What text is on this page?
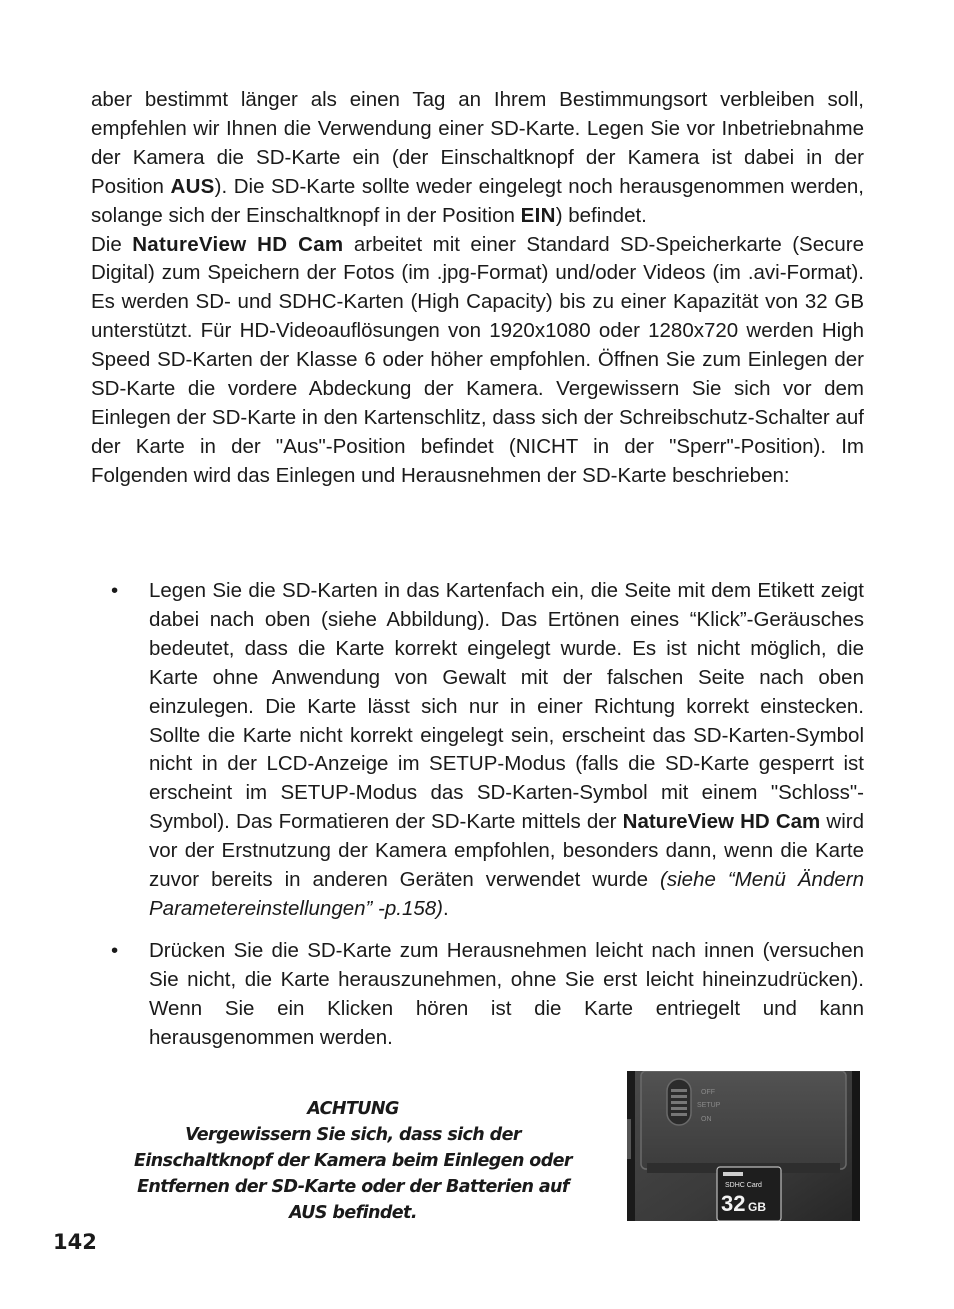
aber bestimmt länger als einen Tag an Ihrem Bestimmungsort verbleiben soll, empfehlen wir Ihnen die Verwendung einer SD-Karte. Legen Sie vor Inbetriebnahme der Kamera die SD-Karte ein (der Einschaltknopf der Kamera ist dabei in der Position AUS). Die SD-Karte sollte weder eingelegt noch herausgenommen werden, solange sich der Einschaltknopf in der Position EIN) befindet.

Die NatureView HD Cam arbeitet mit einer Standard SD-Speicherkarte (Secure Digital) zum Speichern der Fotos (im .jpg-Format) und/oder Videos (im .avi-Format). Es werden SD- und SDHC-Karten (High Capacity) bis zu einer Kapazität von 32 GB unterstützt. Für HD-Videoauflösungen von 1920x1080 oder 1280x720 werden High Speed SD-Karten der Klasse 6 oder höher empfohlen. Öffnen Sie zum Einlegen der SD-Karte die vordere Abdeckung der Kamera. Vergewissern Sie sich vor dem Einlegen der SD-Karte in den Kartenschlitz, dass sich der Schreibschutz-Schalter auf der Karte in der "Aus"-Position befindet (NICHT in der "Sperr"-Position). Im Folgenden wird das Einlegen und Herausnehmen der SD-Karte beschrieben:

• Legen Sie die SD-Karten in das Kartenfach ein, die Seite mit dem Etikett zeigt dabei nach oben (siehe Abbildung). Das Ertönen eines “Klick”-Geräusches bedeutet, dass die Karte korrekt eingelegt wurde. Es ist nicht möglich, die Karte ohne Anwendung von Gewalt mit der falschen Seite nach oben einzulegen. Die Karte lässt sich nur in einer Richtung korrekt einstecken. Sollte die Karte nicht korrekt eingelegt sein, erscheint das SD-Karten-Symbol nicht in der LCD-Anzeige im SETUP-Modus (falls die SD-Karte gesperrt ist erscheint im SETUP-Modus das SD-Karten-Symbol mit einem "Schloss"-Symbol). Das Formatieren der SD-Karte mittels der NatureView HD Cam wird vor der Erstnutzung der Kamera empfohlen, besonders dann, wenn die Karte zuvor bereits in anderen Geräten verwendet wurde (siehe “Menü Ändern Parametereinstellungen” -p.158).
• Drücken Sie die SD-Karte zum Herausnehmen leicht nach innen (versuchen Sie nicht, die Karte herauszunehmen, ohne Sie erst leicht hineinzudrücken). Wenn Sie ein Klicken hören ist die Karte entriegelt und kann herausgenommen werden.
ACHTUNG
Vergewissern Sie sich, dass sich der Einschaltknopf der Kamera beim Einlegen oder Entfernen der SD-Karte oder der Batterien auf AUS befindet.
OFF
SETUP
ON
SDHC Card
32 GB
142
